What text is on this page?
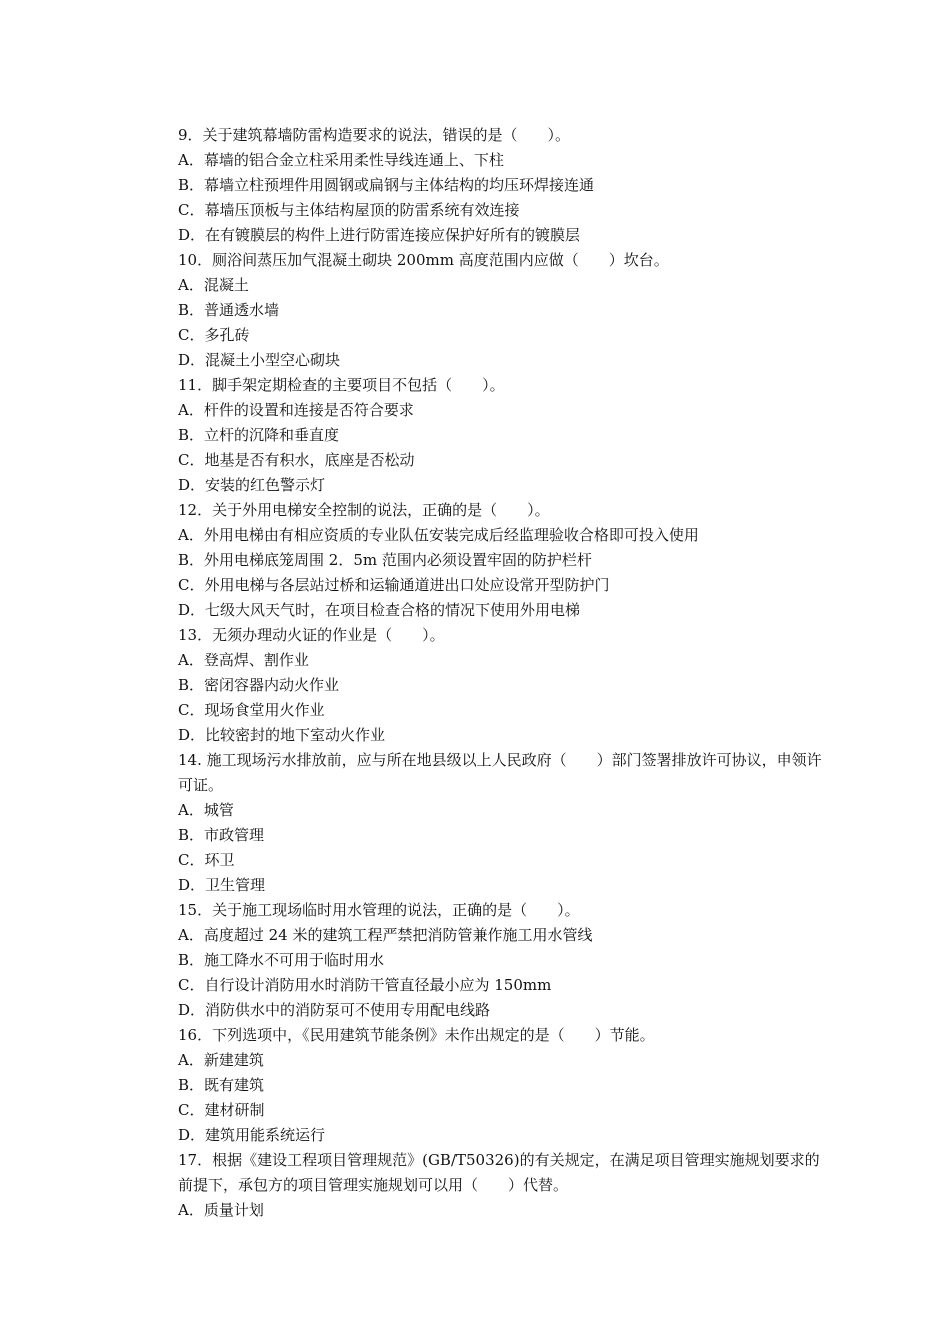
9．关于建筑幕墙防雷构造要求的说法，错误的是（　　）。
A．幕墙的铝合金立柱采用柔性导线连通上、下柱
B．幕墙立柱预埋件用圆钢或扁钢与主体结构的均压环焊接连通
C．幕墙压顶板与主体结构屋顶的防雷系统有效连接
D．在有镀膜层的构件上进行防雷连接应保护好所有的镀膜层
10．厕浴间蒸压加气混凝土砌块 200mm 高度范围内应做（　　）坎台。
A．混凝土
B．普通透水墙
C．多孔砖
D．混凝土小型空心砌块
11．脚手架定期检查的主要项目不包括（　　）。
A．杆件的设置和连接是否符合要求
B．立杆的沉降和垂直度
C．地基是否有积水，底座是否松动
D．安装的红色警示灯
12．关于外用电梯安全控制的说法，正确的是（　　）。
A．外用电梯由有相应资质的专业队伍安装完成后经监理验收合格即可投入使用
B．外用电梯底笼周围 2．5m 范围内必须设置牢固的防护栏杆
C．外用电梯与各层站过桥和运输通道进出口处应设常开型防护门
D．七级大风天气时，在项目检查合格的情况下使用外用电梯
13．无须办理动火证的作业是（　　）。
A．登高焊、割作业
B．密闭容器内动火作业
C．现场食堂用火作业
D．比较密封的地下室动火作业
14. 施工现场污水排放前，应与所在地县级以上人民政府（　　）部门签署排放许可协议，申领许可证。
A．城管
B．市政管理
C．环卫
D．卫生管理
15．关于施工现场临时用水管理的说法，正确的是（　　）。
A．高度超过 24 米的建筑工程严禁把消防管兼作施工用水管线
B．施工降水不可用于临时用水
C．自行设计消防用水时消防干管直径最小应为 150mm
D．消防供水中的消防泵可不使用专用配电线路
16．下列选项中，《民用建筑节能条例》未作出规定的是（　　）节能。
A．新建建筑
B．既有建筑
C．建材研制
D．建筑用能系统运行
17．根据《建设工程项目管理规范》(GB/T50326)的有关规定，在满足项目管理实施规划要求的前提下，承包方的项目管理实施规划可以用（　　）代替。
A．质量计划
